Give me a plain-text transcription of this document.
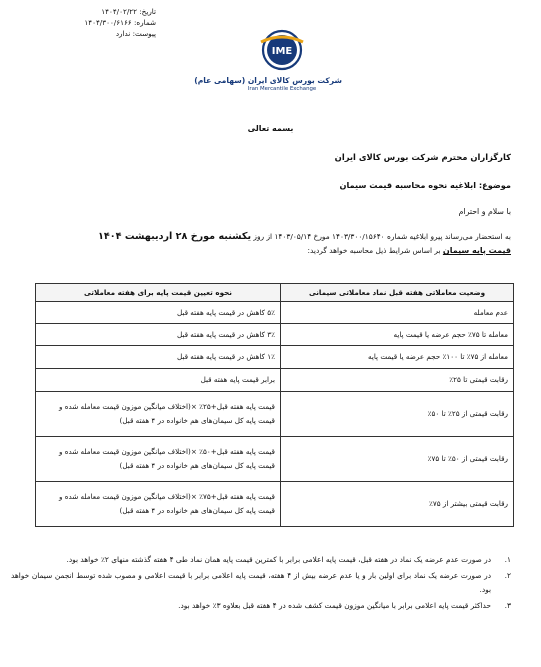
تاریخ: ۱۴۰۴/۰۲/۲۲
شماره: ۱۴۰۴/۳۰۰/۶۱۶۶
پیوست: ندارد
IME
شرکت بورس کالای ایران (سهامی عام)
Iran Mercantile Exchange
بسمه تعالی
کارگزاران محترم شرکت بورس کالای ایران
موضوع: ابلاغیه نحوه محاسبه قیمت سیمان
با سلام و احترام
به استحضار می‌رساند پیرو ابلاغیه شماره ۱۴۰۳/۳۰۰/۱۵۶۴۰ مورخ ۱۴۰۳/۰۵/۱۴ از روز یکشنبه مورخ ۲۸ اردیبهشت ۱۴۰۴
قیمت پایه سیمان بر اساس شرایط ذیل محاسبه خواهد گردید:
وضعیت معاملاتی هفته قبل نماد معاملاتی سیمانی	نحوه تعیین قیمت پایه برای هفته معاملاتی
عدم معامله	۵٪ کاهش در قیمت پایه هفته قبل
معامله تا ۷۵٪ حجم عرضه یا قیمت پایه	۳٪ کاهش در قیمت پایه هفته قبل
معامله از ۷۵٪ تا ۱۰۰٪ حجم عرضه یا قیمت پایه	۱٪ کاهش در قیمت پایه هفته قبل
رقابت قیمتی تا ۲۵٪	برابر قیمت پایه هفته قبل
رقابت قیمتی از ۲۵٪ تا ۵۰٪	قیمت پایه هفته قبل+۲۵٪ ×(اختلاف میانگین موزون قیمت معامله شده و قیمت پایه کل سیمان‌های هم خانواده در ۴ هفته قبل)
رقابت قیمتی از ۵۰٪ تا ۷۵٪	قیمت پایه هفته قبل+۵۰٪ ×(اختلاف میانگین موزون قیمت معامله شده و قیمت پایه کل سیمان‌های هم خانواده در ۴ هفته قبل)
رقابت قیمتی بیشتر از ۷۵٪	قیمت پایه هفته قبل+۷۵٪ ×(اختلاف میانگین موزون قیمت معامله شده و قیمت پایه کل سیمان‌های هم خانواده در ۴ هفته قبل)
۱.
در صورت عدم عرضه یک نماد در هفته قبل، قیمت پایه اعلامی برابر با کمترین قیمت پایه همان نماد طی ۴ هفته گذشته منهای ۲٪ خواهد بود.
۲.
در صورت عرضه یک نماد برای اولین بار و یا عدم عرضه بیش از ۴ هفته، قیمت پایه اعلامی برابر با قیمت اعلامی و مصوب شده توسط انجمن سیمان خواهد بود.
۳.
حداکثر قیمت پایه اعلامی برابر با میانگین موزون قیمت کشف شده در ۴ هفته قبل بعلاوه ۳٪ خواهد بود.
